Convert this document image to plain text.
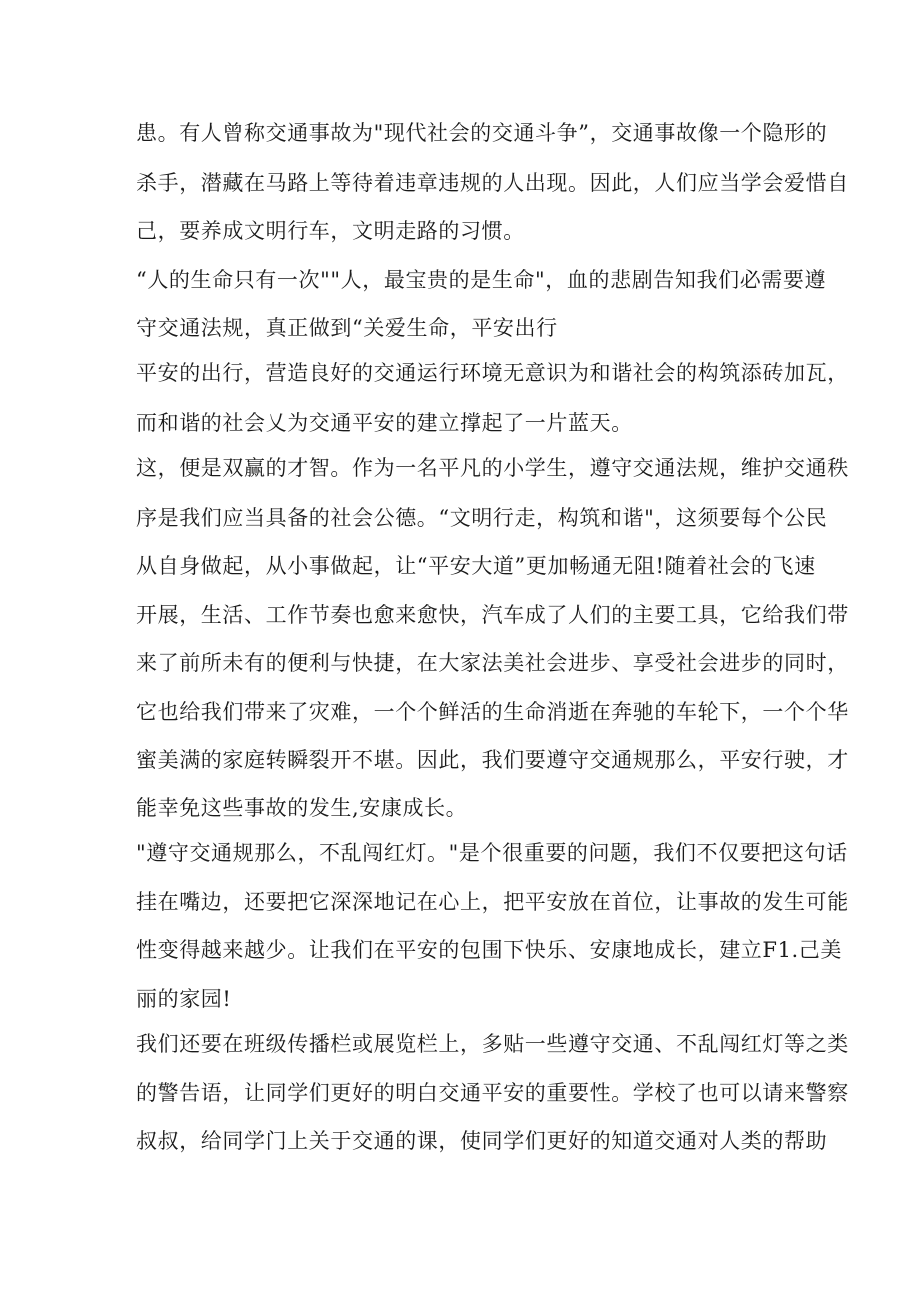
患。有人曾称交通事故为"现代社会的交通斗争”，交通事故像一个隐形的
杀手，潜藏在马路上等待着违章违规的人出现。因此，人们应当学会爱惜自
己，要养成文明行车，文明走路的习惯。
“人的生命只有一次""人，最宝贵的是生命"，血的悲剧告知我们必需要遵
守交通法规，真正做到“关爱生命，平安出行
平安的出行，营造良好的交通运行环境无意识为和谐社会的构筑添砖加瓦，
而和谐的社会乂为交通平安的建立撑起了一片蓝天。
这，便是双赢的才智。作为一名平凡的小学生，遵守交通法规，维护交通秩
序是我们应当具备的社会公德。“文明行走，构筑和谐"，这须要每个公民
从自身做起，从小事做起，让“平安大道”更加畅通无阻!随着社会的飞速
开展，生活、工作节奏也愈来愈快，汽车成了人们的主要工具，它给我们带
来了前所未有的便利与快捷，在大家法美社会进步、享受社会进步的同时，
它也给我们带来了灾难，一个个鲜活的生命消逝在奔驰的车轮下，一个个华
蜜美满的家庭转瞬裂开不堪。因此，我们要遵守交通规那么，平安行驶，才
能幸免这些事故的发生,安康成长。
"遵守交通规那么，不乱闯红灯。"是个很重要的问题，我们不仅要把这句话
挂在嘴边，还要把它深深地记在心上，把平安放在首位，让事故的发生可能
性变得越来越少。让我们在平安的包围下快乐、安康地成长，建立F1.己美
丽的家园!
我们还要在班级传播栏或展览栏上，多贴一些遵守交通、不乱闯红灯等之类
的警告语，让同学们更好的明白交通平安的重要性。学校了也可以请来警察
叔叔，给同学门上关于交通的课，使同学们更好的知道交通对人类的帮助
